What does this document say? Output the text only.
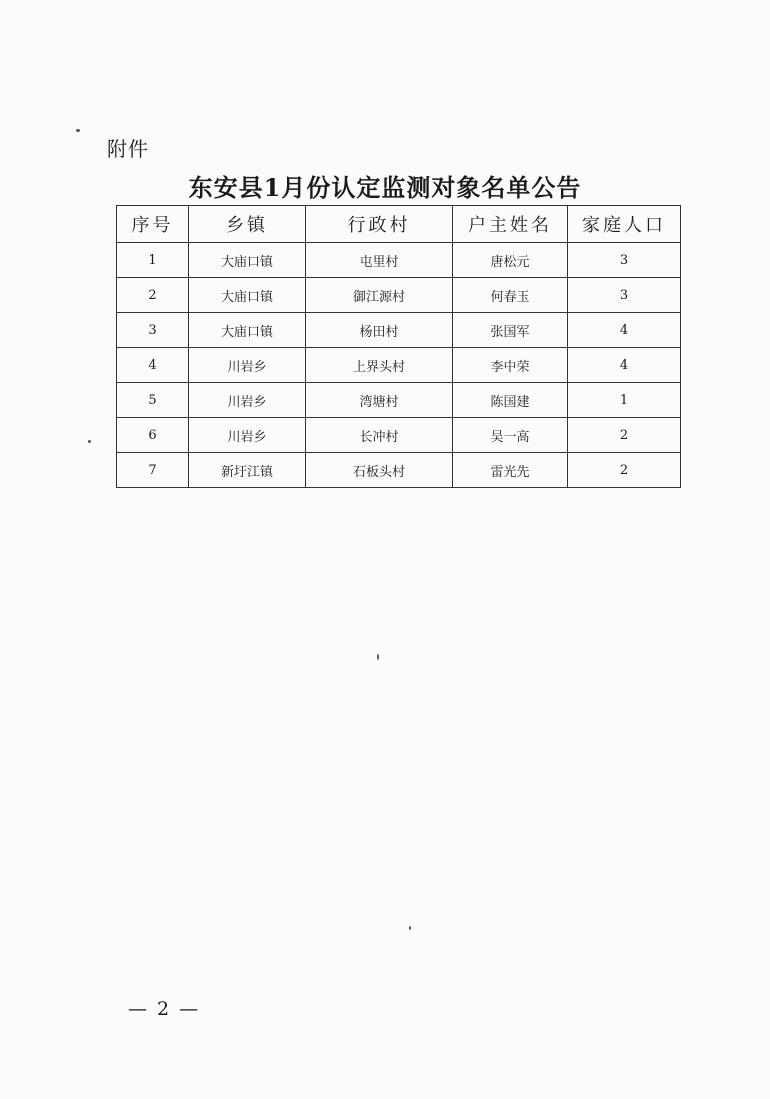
附件
东安县1月份认定监测对象名单公告
序号	乡镇	行政村	户主姓名	家庭人口
1	大庙口镇	屯里村	唐松元	3
2	大庙口镇	御江源村	何春玉	3
3	大庙口镇	杨田村	张国军	4
4	川岩乡	上界头村	李中荣	4
5	川岩乡	湾塘村	陈国建	1
6	川岩乡	长冲村	吴一高	2
7	新圩江镇	石板头村	雷光先	2
— 2 —
